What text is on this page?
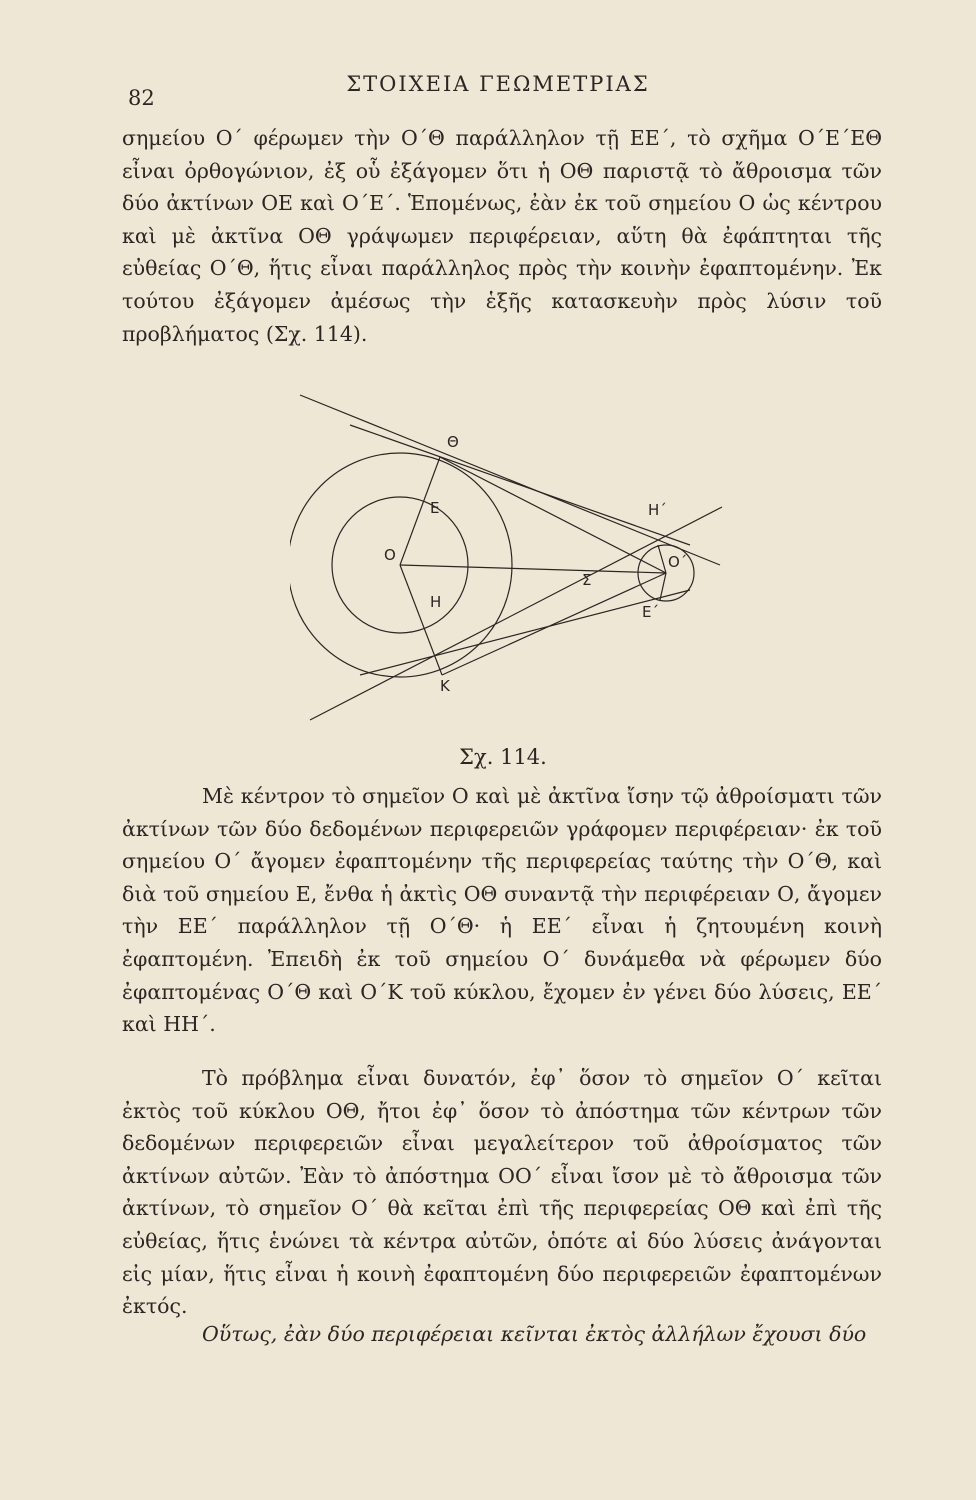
82
ΣΤΟΙΧΕΙΑ ΓΕΩΜΕΤΡΙΑΣ

σημείου Ο΄ φέρωμεν τὴν Ο΄Θ παράλληλον τῇ ΕΕ΄, τὸ σχῆμα Ο΄Ε΄ΕΘ εἶναι ὀρθογώνιον, ἐξ οὗ ἐξάγομεν ὅτι ἡ ΟΘ παριστᾷ τὸ ἄθροισμα τῶν δύο ἀκτίνων ΟΕ καὶ Ο΄Ε΄. Ἑπομένως, ἐὰν ἐκ τοῦ σημείου Ο ὡς κέντρου καὶ μὲ ἀκτῖνα ΟΘ γράψωμεν περιφέρειαν, αὕτη θὰ ἐφάπτηται τῆς εὐθείας Ο΄Θ, ἥτις εἶναι παράλληλος πρὸς τὴν κοινὴν ἐφαπτομένην. Ἐκ τούτου ἐξάγομεν ἀμέσως τὴν ἑξῆς κατασκευὴν πρὸς λύσιν τοῦ προβλήματος (Σχ. 114).

Θ
Ε
Ο
Η
Σ
Κ
Η΄
Ο΄
Ε΄
Σχ. 114.

Μὲ κέντρον τὸ σημεῖον Ο καὶ μὲ ἀκτῖνα ἴσην τῷ ἀθροίσματι τῶν ἀκτίνων τῶν δύο δεδομένων περιφερειῶν γράφομεν περιφέρειαν· ἐκ τοῦ σημείου Ο΄ ἄγομεν ἐφαπτομένην τῆς περιφερείας ταύτης τὴν Ο΄Θ, καὶ διὰ τοῦ σημείου Ε, ἔνθα ἡ ἀκτὶς ΟΘ συναντᾷ τὴν περιφέρειαν Ο, ἄγομεν τὴν ΕΕ΄ παράλληλον τῇ Ο΄Θ· ἡ ΕΕ΄ εἶναι ἡ ζητουμένη κοινὴ ἐφαπτομένη. Ἐπειδὴ ἐκ τοῦ σημείου Ο΄ δυνάμεθα νὰ φέρωμεν δύο ἐφαπτομένας Ο΄Θ καὶ Ο΄Κ τοῦ κύκλου, ἔχομεν ἐν γένει δύο λύσεις, ΕΕ΄ καὶ ΗΗ΄.

Τὸ πρόβλημα εἶναι δυνατόν, ἐφ᾽ ὅσον τὸ σημεῖον Ο΄ κεῖται ἐκτὸς τοῦ κύκλου ΟΘ, ἤτοι ἐφ᾽ ὅσον τὸ ἀπόστημα τῶν κέντρων τῶν δεδομένων περιφερειῶν εἶναι μεγαλείτερον τοῦ ἀθροίσματος τῶν ἀκτίνων αὐτῶν. Ἐὰν τὸ ἀπόστημα ΟΟ΄ εἶναι ἴσον μὲ τὸ ἄθροισμα τῶν ἀκτίνων, τὸ σημεῖον Ο΄ θὰ κεῖται ἐπὶ τῆς περιφερείας ΟΘ καὶ ἐπὶ τῆς εὐθείας, ἥτις ἑνώνει τὰ κέντρα αὐτῶν, ὁπότε αἱ δύο λύσεις ἀνάγονται εἰς μίαν, ἥτις εἶναι ἡ κοινὴ ἐφαπτομένη δύο περιφερειῶν ἐφαπτομένων ἐκτός.

Οὕτως, ἐὰν δύο περιφέρειαι κεῖνται ἐκτὸς ἀλλήλων ἔχουσι δύο
